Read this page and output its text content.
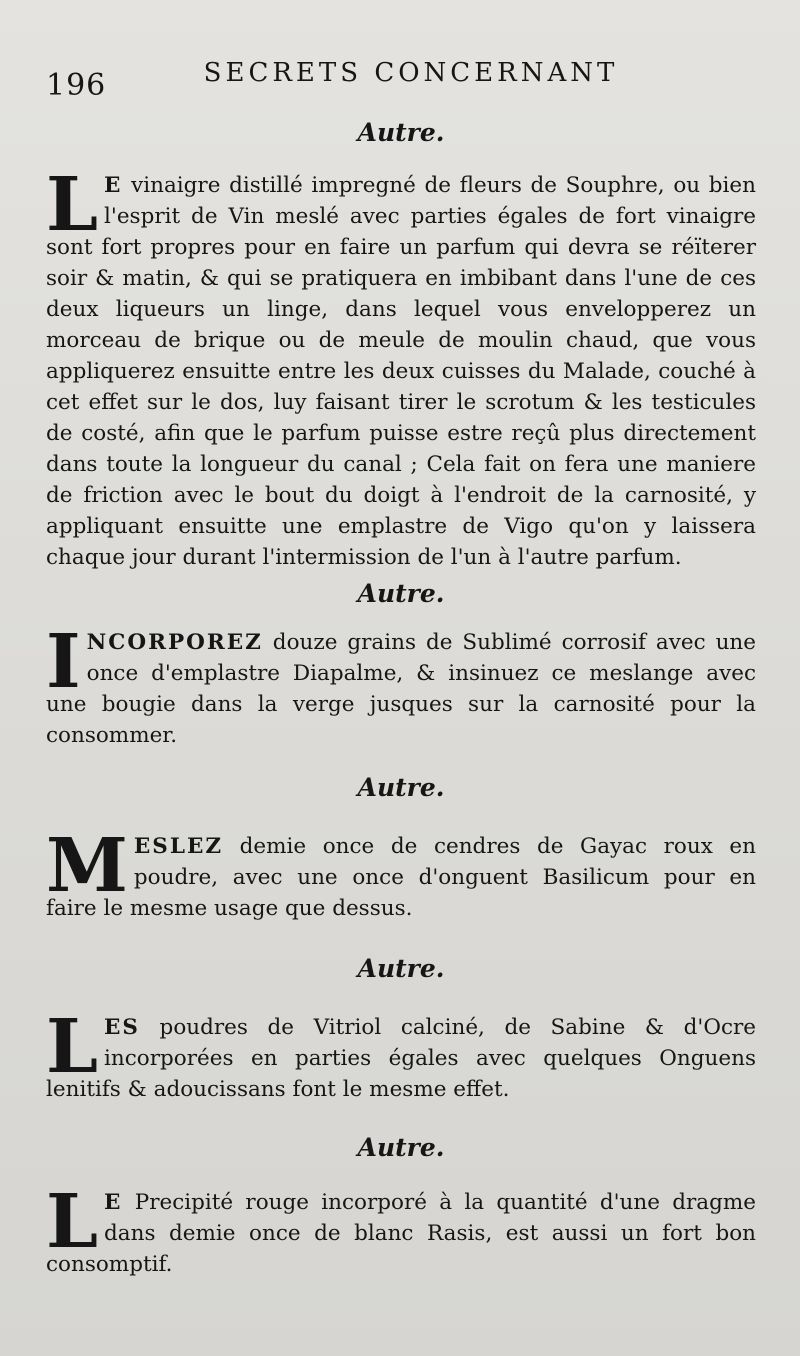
196	SECRETS CONCERNANT
Autre.

L E vinaigre distillé impregné de fleurs de Souphre, ou bien l'esprit de Vin meslé avec parties égales de fort vinaigre sont fort propres pour en faire un parfum qui devra se réïterer soir & matin, & qui se pratiquera en imbibant dans l'une de ces deux liqueurs un linge, dans lequel vous envelopperez un morceau de brique ou de meule de moulin chaud, que vous appliquerez ensuitte entre les deux cuisses du Malade, couché à cet effet sur le dos, luy faisant tirer le scrotum & les testicules de costé, afin que le parfum puisse estre reçû plus directement dans toute la longueur du canal ; Cela fait on fera une maniere de friction avec le bout du doigt à l'endroit de la carnosité, y appliquant ensuitte une emplastre de Vigo qu'on y laissera chaque jour durant l'intermission de l'un à l'autre parfum.

Autre.

INCORPOREZ douze grains de Sublimé corrosif avec une once d'emplastre Diapalme, & insinuez ce meslange avec une bougie dans la verge jusques sur la carnosité pour la consommer.

Autre.

MESLEZ demie once de cendres de Gayac roux en poudre, avec une once d'onguent Basilicum pour en faire le mesme usage que dessus.

Autre.

LES poudres de Vitriol calciné, de Sabine & d'Ocre incorporées en parties égales avec quelques Onguens lenitifs & adoucissans font le mesme effet.

Autre.

L E Precipité rouge incorporé à la quantité d'une dragme dans demie once de blanc Rasis, est aussi un fort bon consomptif.
